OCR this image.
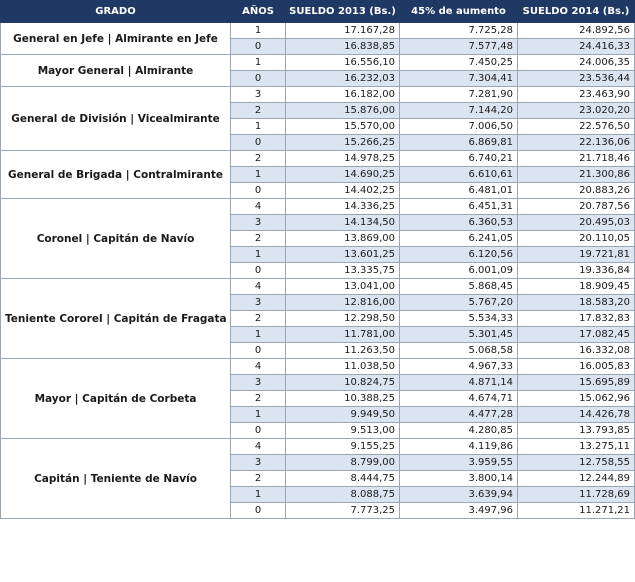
GRADO	AÑOS	SUELDO 2013 (Bs.)	45% de aumento	SUELDO 2014 (Bs.)
General en Jefe | Almirante en Jefe	1	17.167,28	7.725,28	24.892,56
	0	16.838,85	7.577,48	24.416,33
Mayor General | Almirante	1	16.556,10	7.450,25	24.006,35
	0	16.232,03	7.304,41	23.536,44
General de División | Vicealmirante	3	16.182,00	7.281,90	23.463,90
	2	15.876,00	7.144,20	23.020,20
	1	15.570,00	7.006,50	22.576,50
	0	15.266,25	6.869,81	22.136,06
General de Brigada | Contralmirante	2	14.978,25	6.740,21	21.718,46
	1	14.690,25	6.610,61	21.300,86
	0	14.402,25	6.481,01	20.883,26
Coronel | Capitán de Navío	4	14.336,25	6.451,31	20.787,56
	3	14.134,50	6.360,53	20.495,03
	2	13.869,00	6.241,05	20.110,05
	1	13.601,25	6.120,56	19.721,81
	0	13.335,75	6.001,09	19.336,84
Teniente Cororel | Capitán de Fragata	4	13.041,00	5.868,45	18.909,45
	3	12.816,00	5.767,20	18.583,20
	2	12.298,50	5.534,33	17.832,83
	1	11.781,00	5.301,45	17.082,45
	0	11.263,50	5.068,58	16.332,08
Mayor | Capitán de Corbeta	4	11.038,50	4.967,33	16.005,83
	3	10.824,75	4.871,14	15.695,89
	2	10.388,25	4.674,71	15.062,96
	1	9.949,50	4.477,28	14.426,78
	0	9.513,00	4.280,85	13.793,85
Capitán | Teniente de Navío	4	9.155,25	4.119,86	13.275,11
	3	8.799,00	3.959,55	12.758,55
	2	8.444,75	3.800,14	12.244,89
	1	8.088,75	3.639,94	11.728,69
	0	7.773,25	3.497,96	11.271,21
